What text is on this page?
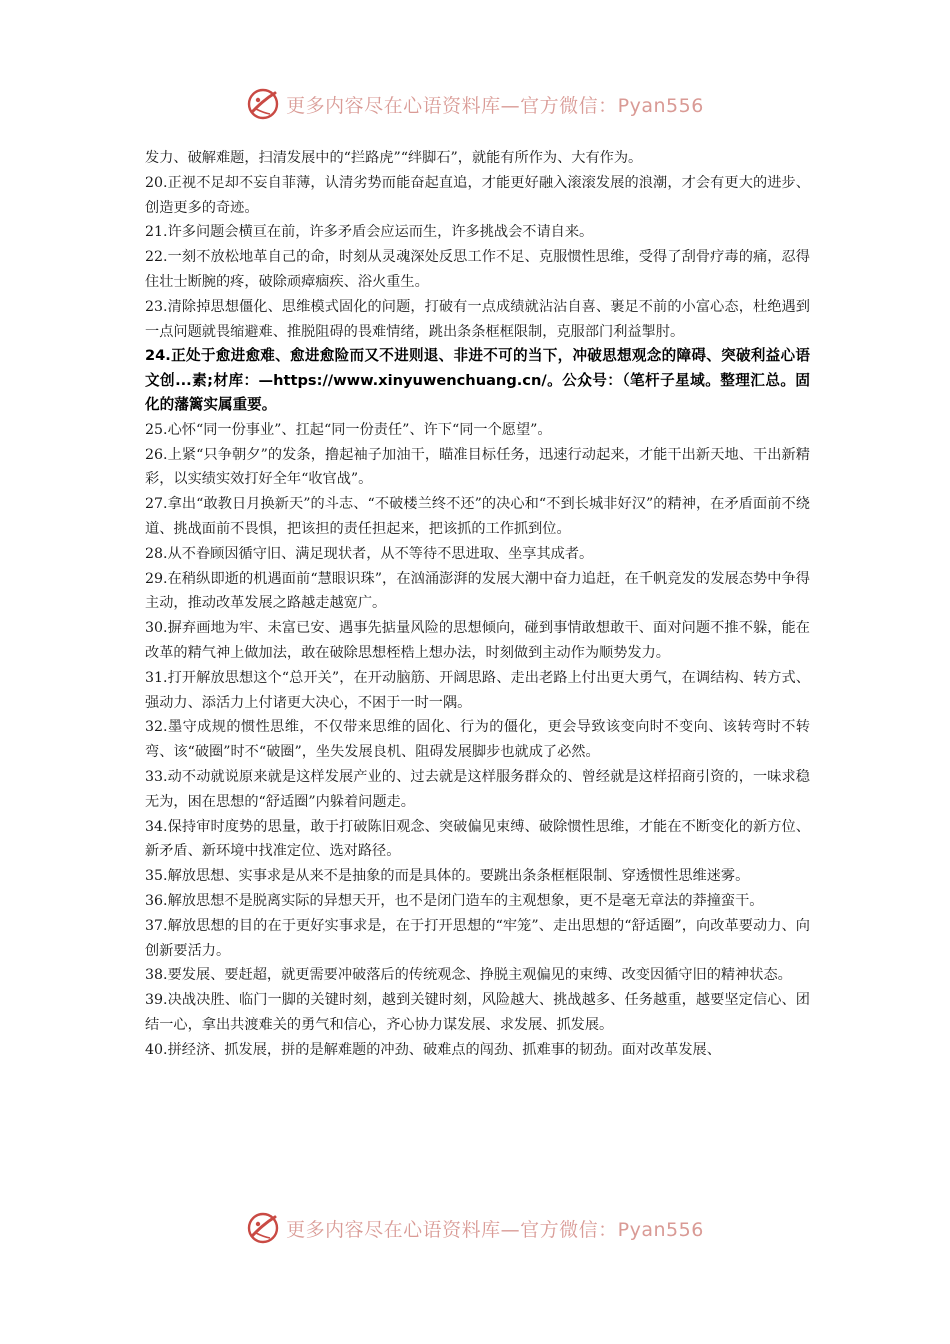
更多内容尽在心语资料库—官方微信：Pyan556

发力、破解难题，扫清发展中的“拦路虎”“绊脚石”，就能有所作为、大有作为。

20.正视不足却不妄自菲薄，认清劣势而能奋起直追，才能更好融入滚滚发展的浪潮，才会有更大的进步、创造更多的奇迹。

21.许多问题会横亘在前，许多矛盾会应运而生，许多挑战会不请自来。

22.一刻不放松地革自己的命，时刻从灵魂深处反思工作不足、克服惯性思维，受得了刮骨疗毒的痛，忍得住壮士断腕的疼，破除顽瘴痼疾、浴火重生。

23.清除掉思想僵化、思维模式固化的问题，打破有一点成绩就沾沾自喜、裹足不前的小富心态，杜绝遇到一点问题就畏缩避难、推脱阻碍的畏难情绪，跳出条条框框限制，克服部门利益掣肘。

24.正处于愈进愈难、愈进愈险而又不进则退、非进不可的当下，冲破思想观念的障碍、突破利益心语文创...素;材库：—https://www.xinyuwenchuang.cn/。公众号：（笔杆子星域。整理汇总。固化的藩篱实属重要。

25.心怀“同一份事业”、扛起“同一份责任”、许下“同一个愿望”。

26.上紧“只争朝夕”的发条，撸起袖子加油干，瞄准目标任务，迅速行动起来，才能干出新天地、干出新精彩，以实绩实效打好全年“收官战”。

27.拿出“敢教日月换新天”的斗志、“不破楼兰终不还”的决心和“不到长城非好汉”的精神，在矛盾面前不绕道、挑战面前不畏惧，把该担的责任担起来，把该抓的工作抓到位。

28.从不眷顾因循守旧、满足现状者，从不等待不思进取、坐享其成者。

29.在稍纵即逝的机遇面前“慧眼识珠”，在汹涌澎湃的发展大潮中奋力追赶，在千帆竞发的发展态势中争得主动，推动改革发展之路越走越宽广。

30.摒弃画地为牢、未富已安、遇事先掂量风险的思想倾向，碰到事情敢想敢干、面对问题不推不躲，能在改革的精气神上做加法，敢在破除思想桎梏上想办法，时刻做到主动作为顺势发力。

31.打开解放思想这个“总开关”，在开动脑筋、开阔思路、走出老路上付出更大勇气，在调结构、转方式、强动力、添活力上付诸更大决心，不困于一时一隅。

32.墨守成规的惯性思维，不仅带来思维的固化、行为的僵化，更会导致该变向时不变向、该转弯时不转弯、该“破圈”时不“破圈”，坐失发展良机、阻碍发展脚步也就成了必然。

33.动不动就说原来就是这样发展产业的、过去就是这样服务群众的、曾经就是这样招商引资的，一味求稳无为，困在思想的“舒适圈”内躲着问题走。

34.保持审时度势的思量，敢于打破陈旧观念、突破偏见束缚、破除惯性思维，才能在不断变化的新方位、新矛盾、新环境中找准定位、选对路径。

35.解放思想、实事求是从来不是抽象的而是具体的。要跳出条条框框限制、穿透惯性思维迷雾。

36.解放思想不是脱离实际的异想天开，也不是闭门造车的主观想象，更不是毫无章法的莽撞蛮干。

37.解放思想的目的在于更好实事求是，在于打开思想的“牢笼”、走出思想的“舒适圈”，向改革要动力、向创新要活力。

38.要发展、要赶超，就更需要冲破落后的传统观念、挣脱主观偏见的束缚、改变因循守旧的精神状态。

39.决战决胜、临门一脚的关键时刻，越到关键时刻，风险越大、挑战越多、任务越重，越要坚定信心、团结一心，拿出共渡难关的勇气和信心，齐心协力谋发展、求发展、抓发展。

40.拼经济、抓发展，拼的是解难题的冲劲、破难点的闯劲、抓难事的韧劲。面对改革发展、

更多内容尽在心语资料库—官方微信：Pyan556
